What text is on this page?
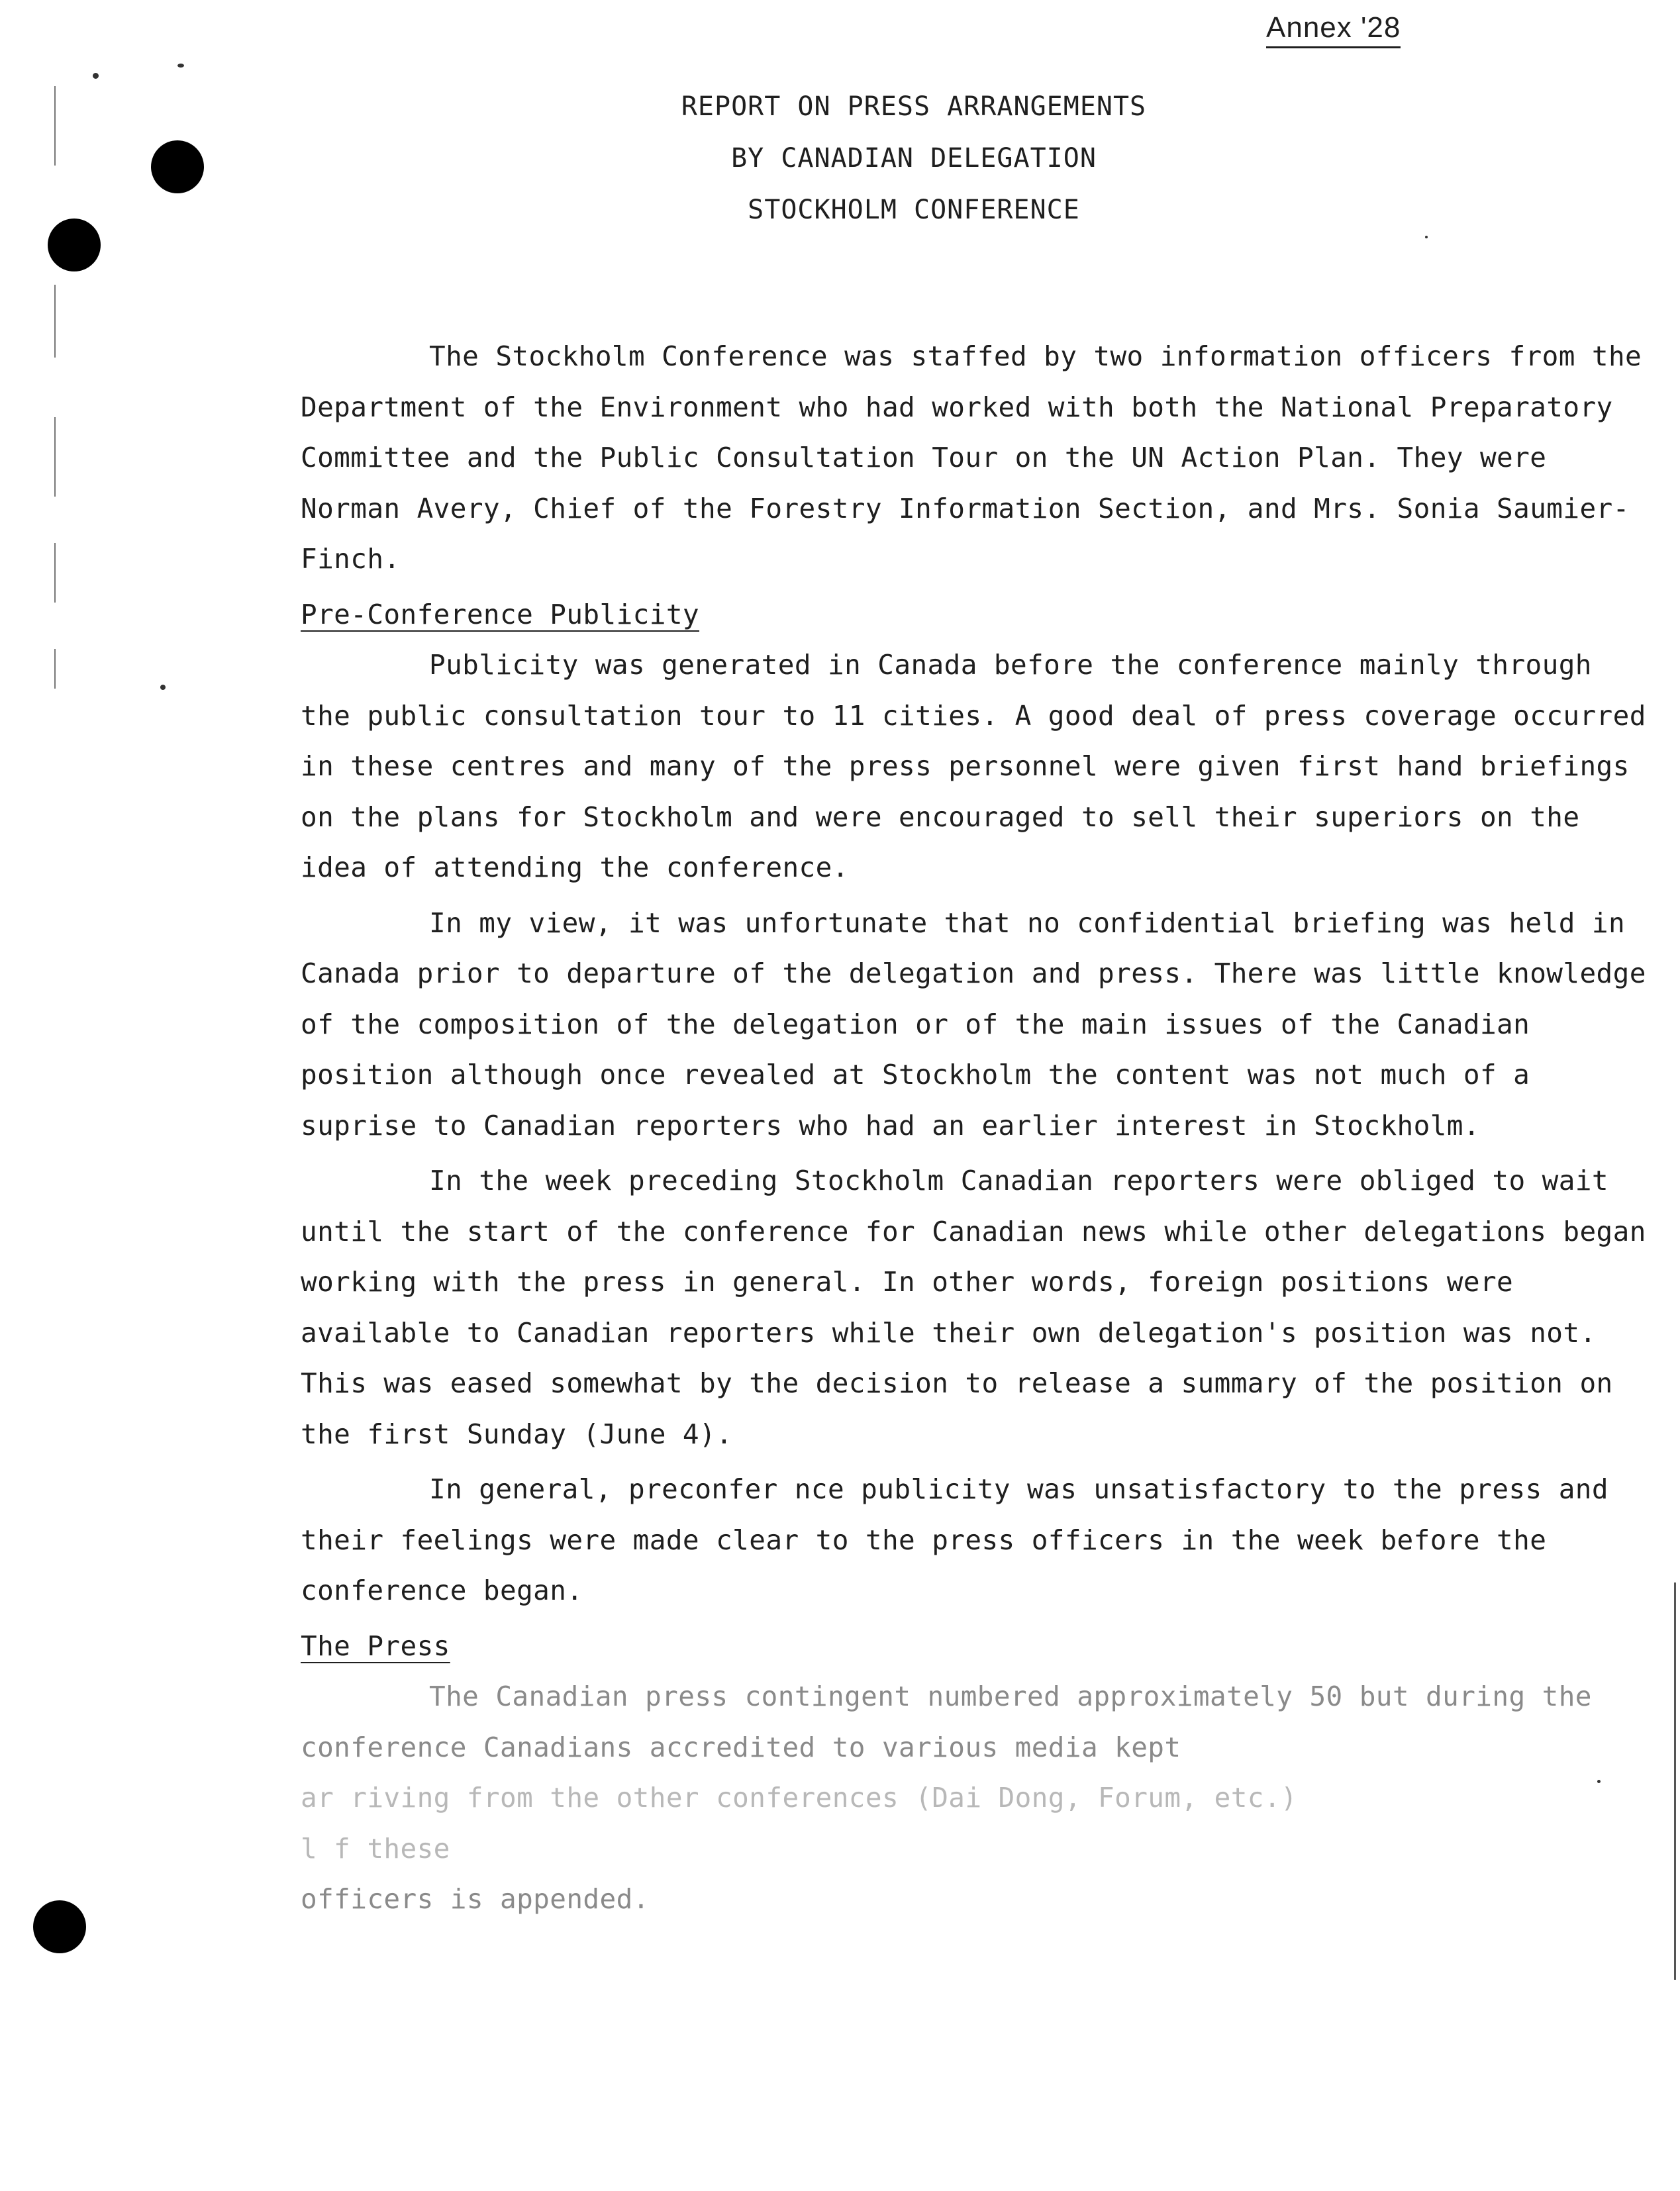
Annex '28
REPORT ON PRESS ARRANGEMENTS
BY CANADIAN DELEGATION
STOCKHOLM CONFERENCE

The Stockholm Conference was staffed by two information officers from the Department of the Environment who had worked with both the National Preparatory Committee and the Public Consultation Tour on the UN Action Plan. They were Norman Avery, Chief of the Forestry Information Section, and Mrs. Sonia Saumier-Finch.

Pre-Conference Publicity

Publicity was generated in Canada before the conference mainly through the public consultation tour to 11 cities. A good deal of press coverage occurred in these centres and many of the press personnel were given first hand briefings on the plans for Stockholm and were encouraged to sell their superiors on the idea of attending the conference.

In my view, it was unfortunate that no confidential briefing was held in Canada prior to departure of the delegation and press. There was little knowledge of the composition of the delegation or of the main issues of the Canadian position although once revealed at Stockholm the content was not much of a suprise to Canadian reporters who had an earlier interest in Stockholm.

In the week preceding Stockholm Canadian reporters were obliged to wait until the start of the conference for Canadian news while other delegations began working with the press in general. In other words, foreign positions were available to Canadian reporters while their own delegation's position was not. This was eased somewhat by the decision to release a summary of the position on the first Sunday (June 4).

In general, preconfer nce publicity was unsatisfactory to the press and their feelings were made clear to the press officers in the week before the conference began.

The Press

The Canadian press contingent numbered approximately 50 but during the conference Canadians accredited to various media kept

ar riving from the other conferences (Dai Dong, Forum, etc.)

l f these

officers is appended.
